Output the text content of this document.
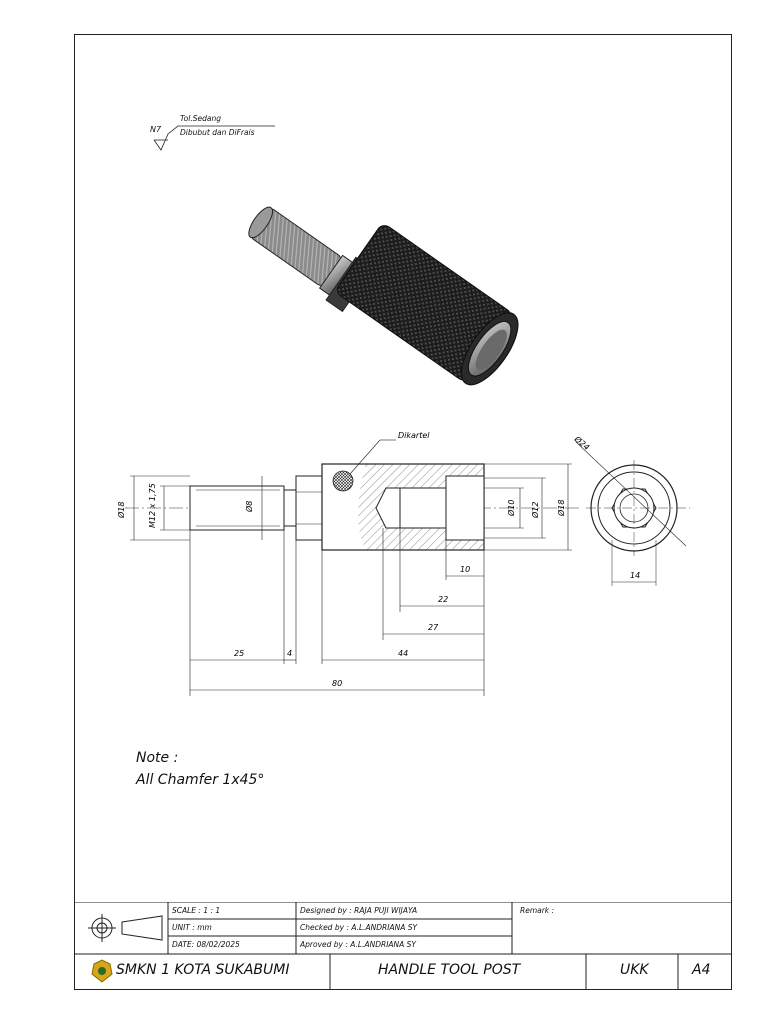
N7
Tol.Sedang
Dibubut dan DiFrais
Ø18	M12 x 1,75	Ø8	Ø10 Ø12 Ø18
Ø24
Dikartel
10
22
27
25	4	44
80
14
Note :
All Chamfer 1x45°
SCALE : 1 : 1
UNIT : mm
DATE: 08/02/2025
Designed by : RAJA PUJI WIJAYA
Checked by : A.L.ANDRIANA SY
Aproved by : A.L.ANDRIANA SY
Remark :
SMKN 1 KOTA SUKABUMI	HANDLE TOOL POST	UKK	A4
